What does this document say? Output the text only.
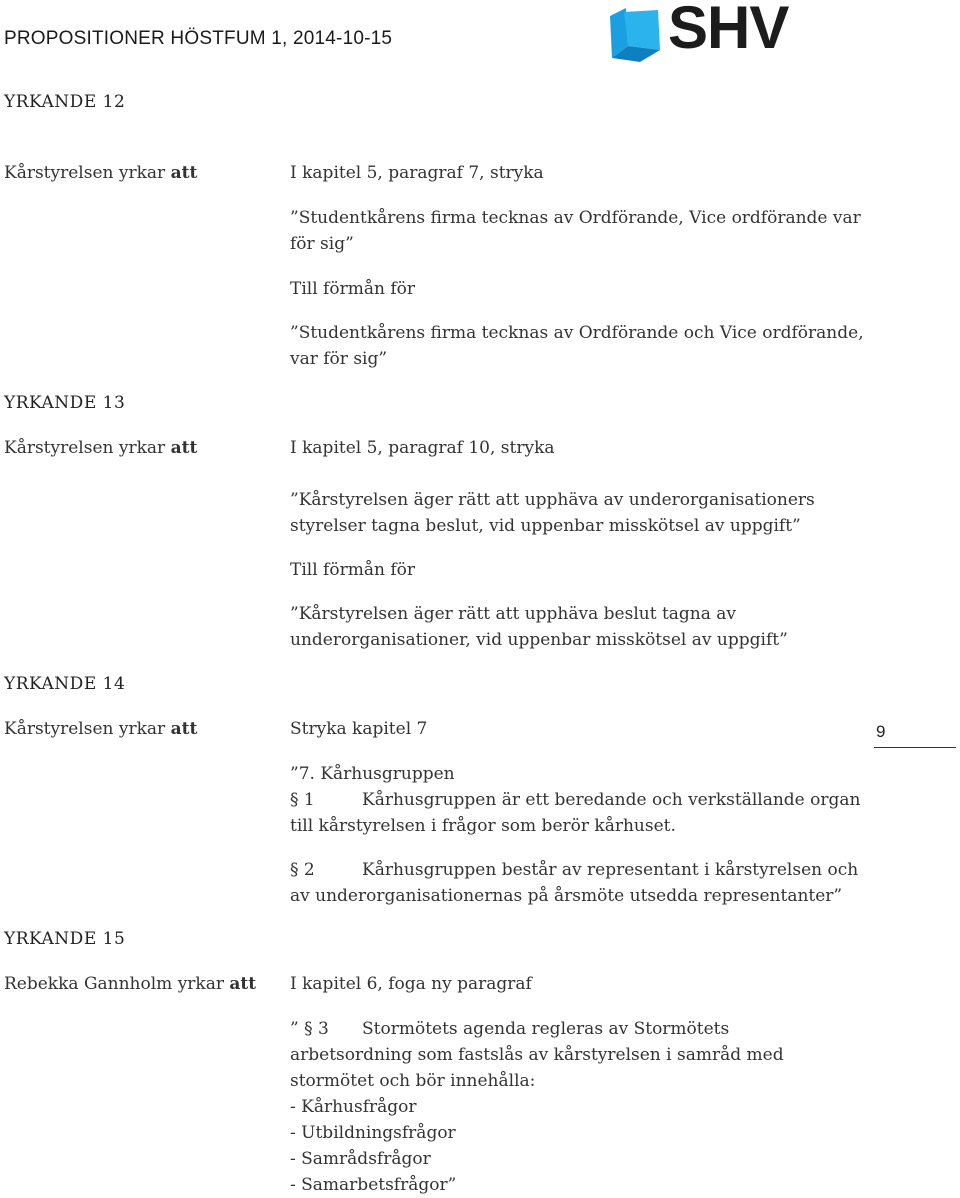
PROPOSITIONER HÖSTFUM 1, 2014-10-15	SHV
YRKANDE 12
Kårstyrelsen yrkar att	I kapitel 5, paragraf 7, stryka
”Studentkårens firma tecknas av Ordförande, Vice ordförande var för sig”
Till förmån för
”Studentkårens firma tecknas av Ordförande och Vice ordförande, var för sig”
YRKANDE 13
Kårstyrelsen yrkar att	I kapitel 5, paragraf 10, stryka
”Kårstyrelsen äger rätt att upphäva av underorganisationers styrelser tagna beslut, vid uppenbar misskötsel av uppgift”
Till förmån för
”Kårstyrelsen äger rätt att upphäva beslut tagna av underorganisationer, vid uppenbar misskötsel av uppgift”
YRKANDE 14
Kårstyrelsen yrkar att	Stryka kapitel 7
”7. Kårhusgruppen
§ 1	Kårhusgruppen är ett beredande och verkställande organ till kårstyrelsen i frågor som berör kårhuset.
§ 2	Kårhusgruppen består av representant i kårstyrelsen och av underorganisationernas på årsmöte utsedda representanter”
9
YRKANDE 15
Rebekka Gannholm yrkar att I kapitel 6, foga ny paragraf
” § 3 Stormötets agenda regleras av Stormötets arbetsordning som fastslås av kårstyrelsen i samråd med stormötet och bör innehålla:
- Kårhusfrågor
- Utbildningsfrågor
- Samrådsfrågor
- Samarbetsfrågor”
